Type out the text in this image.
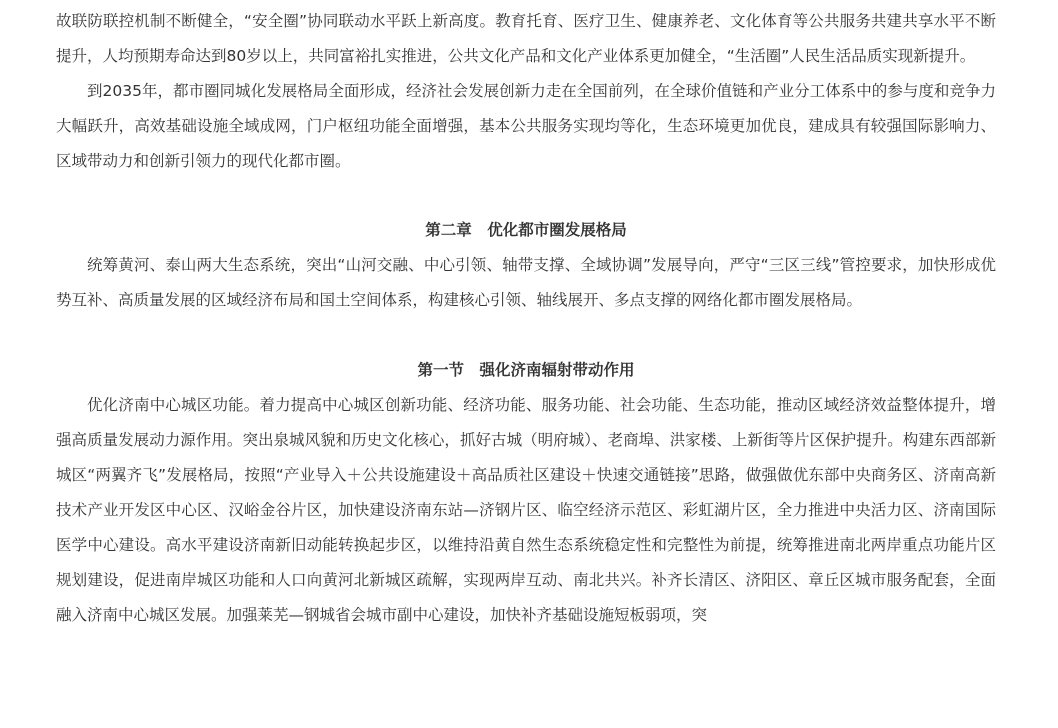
故联防联控机制不断健全，“安全圈”协同联动水平跃上新高度。教育托育、医疗卫生、健康养老、文化体育等公共服务共建共享水平不断提升，人均预期寿命达到80岁以上，共同富裕扎实推进，公共文化产品和文化产业体系更加健全，“生活圈”人民生活品质实现新提升。

到2035年，都市圈同城化发展格局全面形成，经济社会发展创新力走在全国前列，在全球价值链和产业分工体系中的参与度和竞争力大幅跃升，高效基础设施全域成网，门户枢纽功能全面增强，基本公共服务实现均等化，生态环境更加优良，建成具有较强国际影响力、区域带动力和创新引领力的现代化都市圈。

第二章　优化都市圈发展格局

统筹黄河、泰山两大生态系统，突出“山河交融、中心引领、轴带支撑、全域协调”发展导向，严守“三区三线”管控要求，加快形成优势互补、高质量发展的区域经济布局和国土空间体系，构建核心引领、轴线展开、多点支撑的网络化都市圈发展格局。

第一节　强化济南辐射带动作用

优化济南中心城区功能。着力提高中心城区创新功能、经济功能、服务功能、社会功能、生态功能，推动区域经济效益整体提升，增强高质量发展动力源作用。突出泉城风貌和历史文化核心，抓好古城（明府城）、老商埠、洪家楼、上新街等片区保护提升。构建东西部新城区“两翼齐飞”发展格局，按照“产业导入＋公共设施建设＋高品质社区建设＋快速交通链接”思路，做强做优东部中央商务区、济南高新技术产业开发区中心区、汉峪金谷片区，加快建设济南东站—济钢片区、临空经济示范区、彩虹湖片区，全力推进中央活力区、济南国际医学中心建设。高水平建设济南新旧动能转换起步区，以维持沿黄自然生态系统稳定性和完整性为前提，统筹推进南北两岸重点功能片区规划建设，促进南岸城区功能和人口向黄河北新城区疏解，实现两岸互动、南北共兴。补齐长清区、济阳区、章丘区城市服务配套，全面融入济南中心城区发展。加强莱芜—钢城省会城市副中心建设，加快补齐基础设施短板弱项，突
